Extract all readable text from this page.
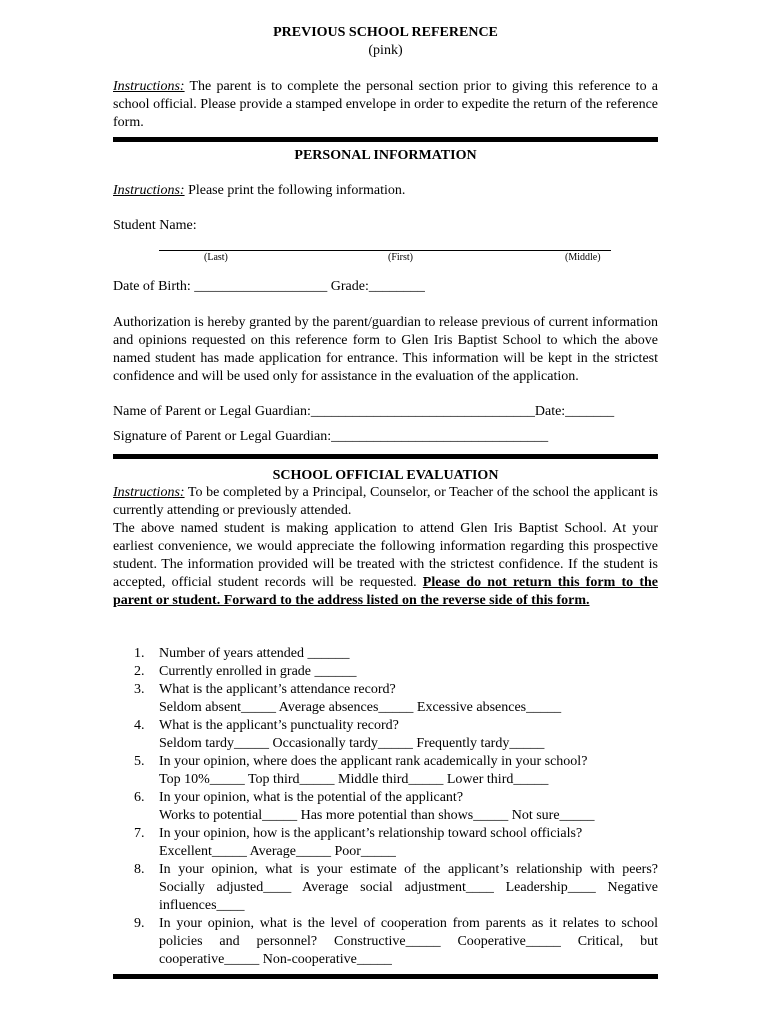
PREVIOUS SCHOOL REFERENCE
(pink)
Instructions: The parent is to complete the personal section prior to giving this reference to a school official. Please provide a stamped envelope in order to expedite the return of the reference form.
PERSONAL INFORMATION
Instructions: Please print the following information.
Student Name:
(Last)	(First)	(Middle)
Date of Birth: ___________________ Grade:________
Authorization is hereby granted by the parent/guardian to release previous of current information and opinions requested on this reference form to Glen Iris Baptist School to which the above named student has made application for entrance. This information will be kept in the strictest confidence and will be used only for assistance in the evaluation of the application.
Name of Parent or Legal Guardian:________________________________Date:_______
Signature of Parent or Legal Guardian:_______________________________
SCHOOL OFFICIAL EVALUATION
Instructions: To be completed by a Principal, Counselor, or Teacher of the school the applicant is currently attending or previously attended.
The above named student is making application to attend Glen Iris Baptist School. At your earliest convenience, we would appreciate the following information regarding this prospective student. The information provided will be treated with the strictest confidence. If the student is accepted, official student records will be requested. Please do not return this form to the parent or student. Forward to the address listed on the reverse side of this form.
1.	Number of years attended ______
2.	Currently enrolled in grade ______
3.	What is the applicant’s attendance record?
Seldom absent_____ Average absences_____ Excessive absences_____
4.	What is the applicant’s punctuality record?
Seldom tardy_____ Occasionally tardy_____ Frequently tardy_____
5.	In your opinion, where does the applicant rank academically in your school?
Top 10%_____ Top third_____ Middle third_____ Lower third_____
6.	In your opinion, what is the potential of the applicant?
Works to potential_____ Has more potential than shows_____ Not sure_____
7.	In your opinion, how is the applicant’s relationship toward school officials?
Excellent_____ Average_____ Poor_____
8.	In your opinion, what is your estimate of the applicant’s relationship with peers? Socially adjusted____ Average social adjustment____ Leadership____ Negative influences____
9.	In your opinion, what is the level of cooperation from parents as it relates to school policies and personnel? Constructive_____ Cooperative_____ Critical, but cooperative_____ Non-cooperative_____
